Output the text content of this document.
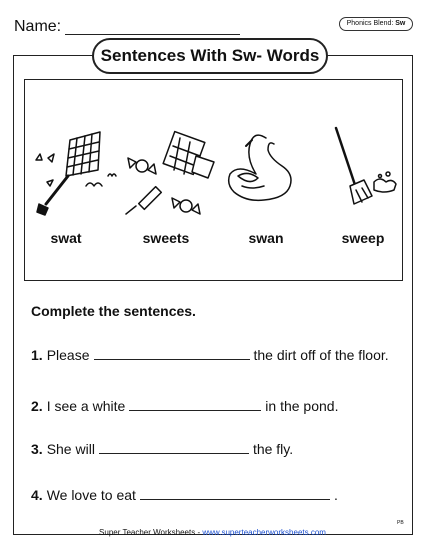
Name:	Phonics Blend: Sw
Sentences With Sw- Words
swat	sweets	swan	sweep
Complete the sentences.
1. Please	the dirt off of the floor.
2. I see a white	in the pond.
3. She will	the fly.
4. We love to eat	.
Super Teacher Worksheets - www.superteacherworksheets.com
PB
